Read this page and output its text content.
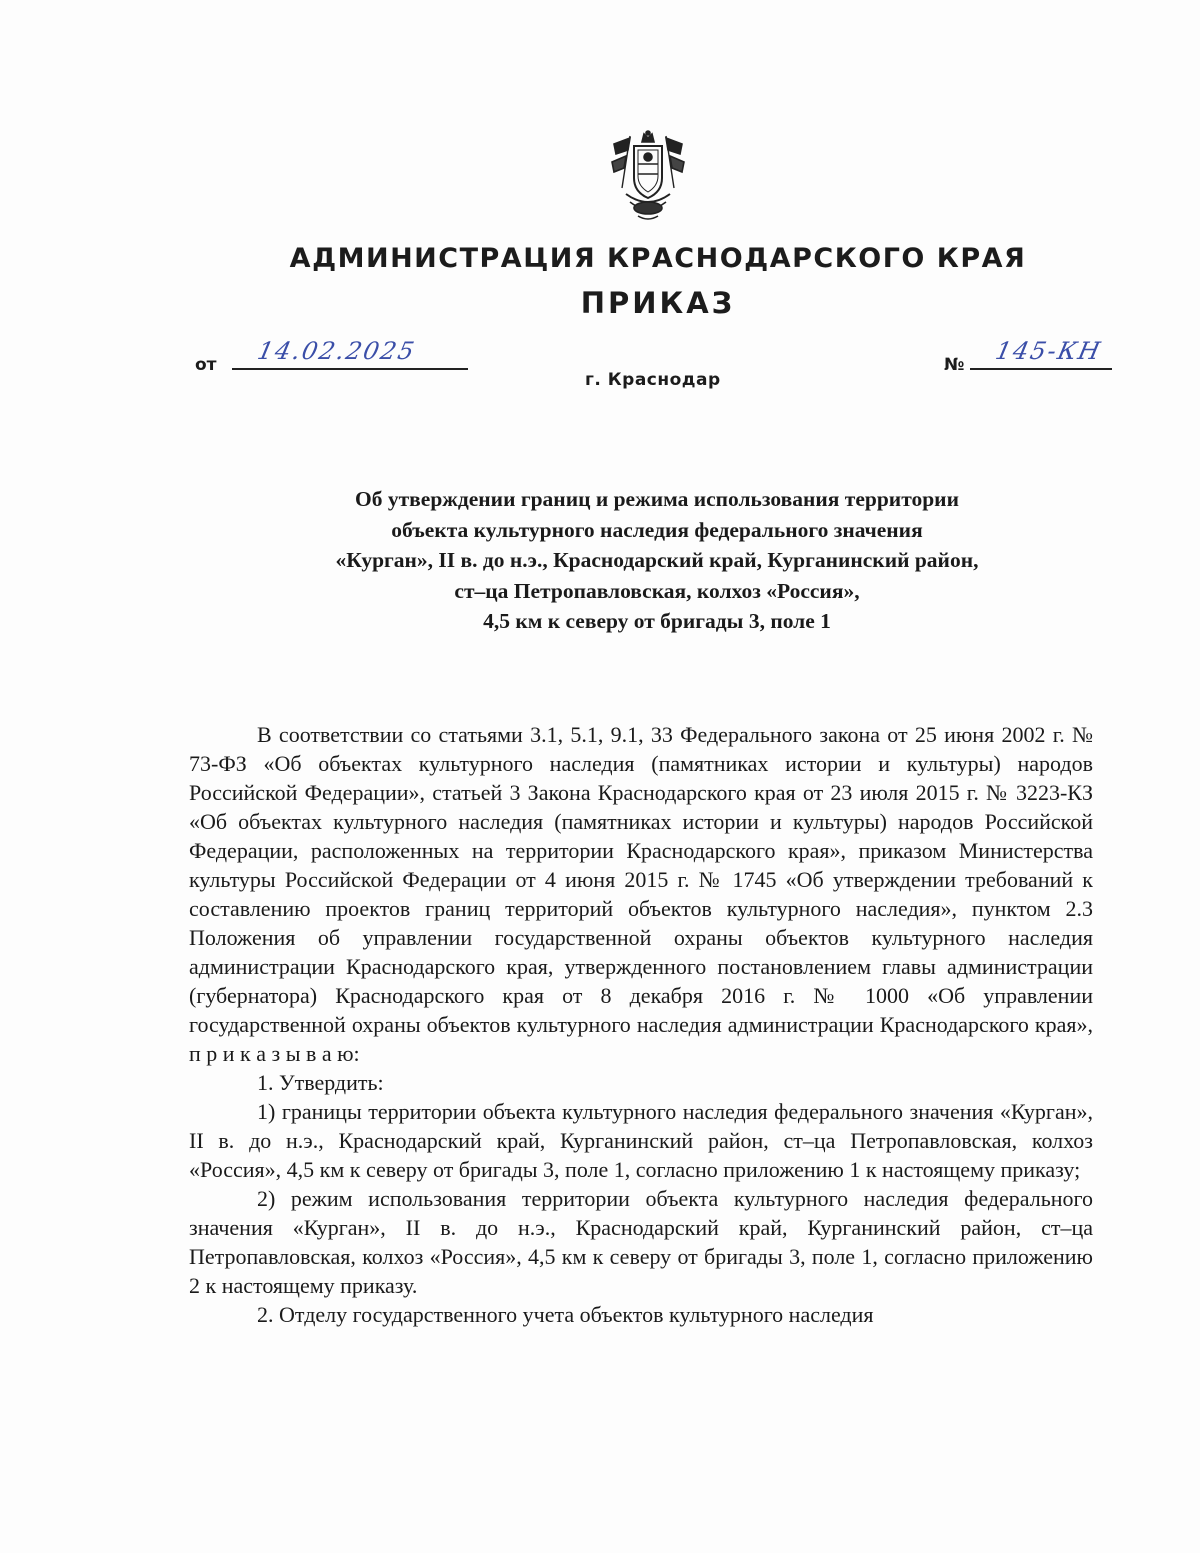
АДМИНИСТРАЦИЯ КРАСНОДАРСКОГО КРАЯ
ПРИКАЗ
от 14.02.2025	№ 145-КН
г. Краснодар
Об утверждении границ и режима использования территории
объекта культурного наследия федерального значения
«Курган», II в. до н.э., Краснодарский край, Курганинский район,
ст–ца Петропавловская, колхоз «Россия»,
4,5 км к северу от бригады 3, поле 1

В соответствии со статьями 3.1, 5.1, 9.1, 33 Федерального закона от 25 июня 2002 г. № 73-ФЗ «Об объектах культурного наследия (памятниках истории и культуры) народов Российской Федерации», статьей 3 Закона Краснодарского края от 23 июля 2015 г. № 3223-КЗ «Об объектах культурного наследия (памятниках истории и культуры) народов Российской Федерации, расположенных на территории Краснодарского края», приказом Министерства культуры Российской Федерации от 4 июня 2015 г. № 1745 «Об утверждении требований к составлению проектов границ территорий объектов культурного наследия», пунктом 2.3 Положения об управлении государственной охраны объектов культурного наследия администрации Краснодарского края, утвержденного постановлением главы администрации (губернатора) Краснодарского края от 8 декабря 2016 г. № 1000 «Об управлении государственной охраны объектов культурного наследия администрации Краснодарского края», п р и к а з ы в а ю:

1. Утвердить:

1) границы территории объекта культурного наследия федерального значения «Курган», II в. до н.э., Краснодарский край, Курганинский район, ст–ца Петропавловская, колхоз «Россия», 4,5 км к северу от бригады 3, поле 1, согласно приложению 1 к настоящему приказу;

2) режим использования территории объекта культурного наследия федерального значения «Курган», II в. до н.э., Краснодарский край, Курганинский район, ст–ца Петропавловская, колхоз «Россия», 4,5 км к северу от бригады 3, поле 1, согласно приложению 2 к настоящему приказу.

2. Отделу государственного учета объектов культурного наследия
